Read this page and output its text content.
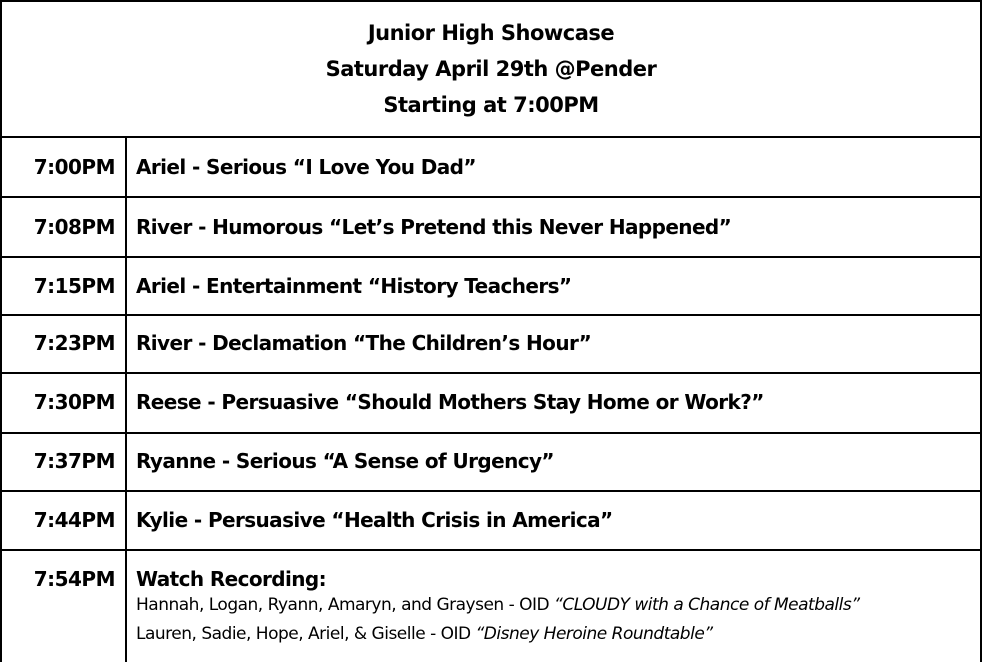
Junior High Showcase
Saturday April 29th @Pender
Starting at 7:00PM
7:00PM Ariel - Serious “I Love You Dad”
7:08PM River - Humorous “Let’s Pretend this Never Happened”
7:15PM Ariel - Entertainment “History Teachers”
7:23PM River - Declamation “The Children’s Hour”
7:30PM Reese - Persuasive “Should Mothers Stay Home or Work?”
7:37PM Ryanne - Serious “A Sense of Urgency”
7:44PM Kylie - Persuasive “Health Crisis in America”
7:54PM Watch Recording:
Hannah, Logan, Ryann, Amaryn, and Graysen - OID “CLOUDY with a Chance of Meatballs”
Lauren, Sadie, Hope, Ariel, & Giselle - OID “Disney Heroine Roundtable”
